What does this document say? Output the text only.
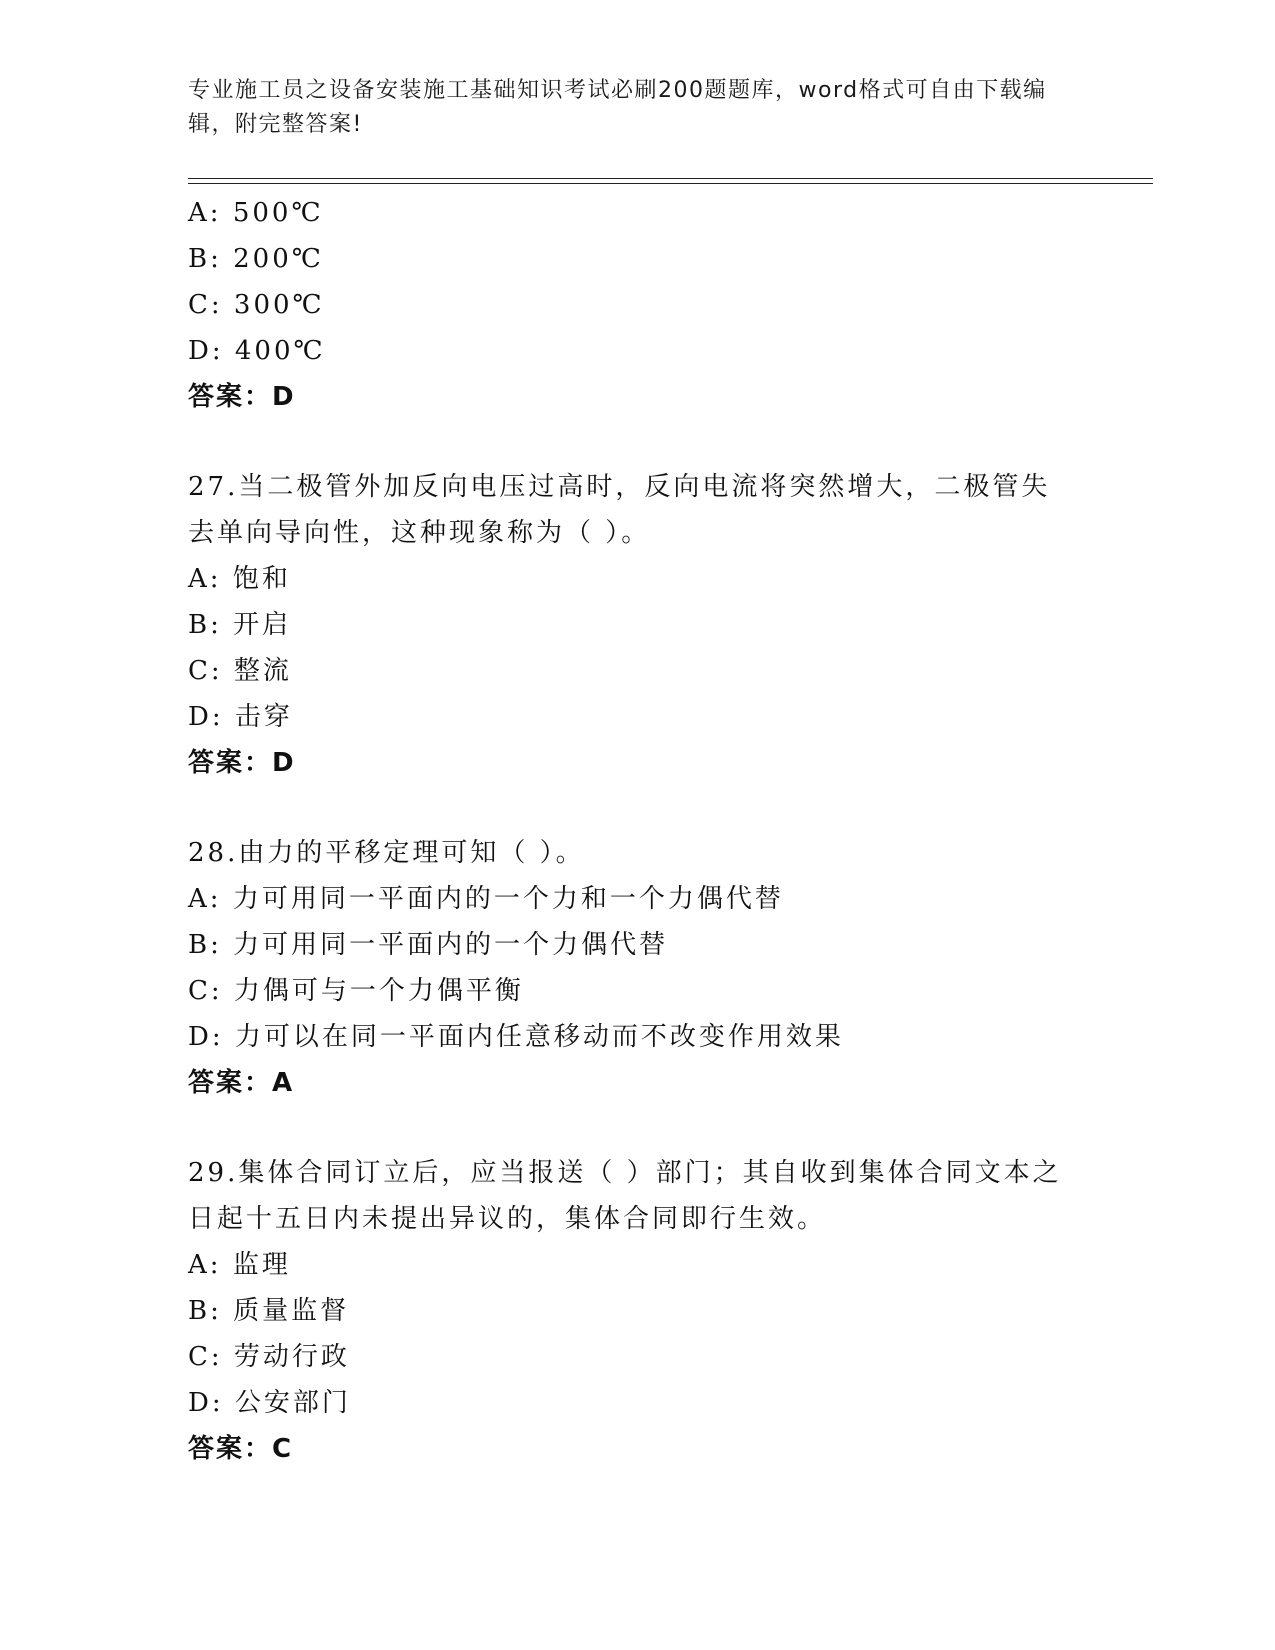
专业施工员之设备安装施工基础知识考试必刷200题题库，word格式可自由下载编辑，附完整答案!
A: 500℃
B: 200℃
C: 300℃
D: 400℃
答案：D
27.当二极管外加反向电压过高时，反向电流将突然增大，二极管失去单向导向性，这种现象称为（ ）。
A: 饱和
B: 开启
C: 整流
D: 击穿
答案：D
28.由力的平移定理可知（ ）。
A: 力可用同一平面内的一个力和一个力偶代替
B: 力可用同一平面内的一个力偶代替
C: 力偶可与一个力偶平衡
D: 力可以在同一平面内任意移动而不改变作用效果
答案：A
29.集体合同订立后，应当报送（ ）部门；其自收到集体合同文本之日起十五日内未提出异议的，集体合同即行生效。
A: 监理
B: 质量监督
C: 劳动行政
D: 公安部门
答案：C
